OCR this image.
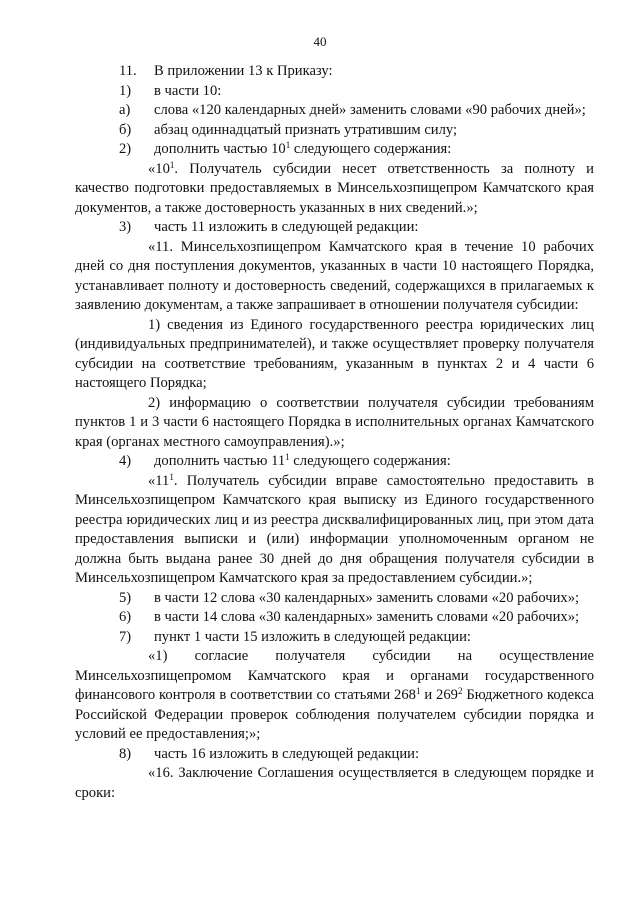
40
11.	В приложении 13 к Приказу:
1)	в части 10:
а)	слова «120 календарных дней» заменить словами «90 рабочих дней»;
б)	абзац одиннадцатый признать утратившим силу;
2)	дополнить частью $10^1$ следующего содержания:

«$10^1$. Получатель субсидии несет ответственность за полноту и качество подготовки предоставляемых в Минсельхозпищепром Камчатского края документов, а также достоверность указанных в них сведений.»;

3)	часть 11 изложить в следующей редакции:

«11. Минсельхозпищепром Камчатского края в течение 10 рабочих дней со дня поступления документов, указанных в части 10 настоящего Порядка, устанавливает полноту и достоверность сведений, содержащихся в прилагаемых к заявлению документам, а также запрашивает в отношении получателя субсидии:

1) сведения из Единого государственного реестра юридических лиц (индивидуальных предпринимателей), и также осуществляет проверку получателя субсидии на соответствие требованиям, указанным в пунктах 2 и 4 части 6 настоящего Порядка;

2) информацию о соответствии получателя субсидии требованиям пунктов 1 и 3 части 6 настоящего Порядка в исполнительных органах Камчатского края (органах местного самоуправления).»;

4)	дополнить частью $11^1$ следующего содержания:

«$11^1$. Получатель субсидии вправе самостоятельно предоставить в Минсельхозпищепром Камчатского края выписку из Единого государственного реестра юридических лиц и из реестра дисквалифицированных лиц, при этом дата предоставления выписки и (или) информации уполномоченным органом не должна быть выдана ранее 30 дней до дня обращения получателя субсидии в Минсельхозпищепром Камчатского края за предоставлением субсидии.»;

5)	в части 12 слова «30 календарных» заменить словами «20 рабочих»;
6)	в части 14 слова «30 календарных» заменить словами «20 рабочих»;
7)	пункт 1 части 15 изложить в следующей редакции:

«1) согласие получателя субсидии на осуществление Минсельхозпищепромом Камчатского края и органами государственного финансового контроля в соответствии со статьями $268^1$ и $269^2$ Бюджетного кодекса Российской Федерации проверок соблюдения получателем субсидии порядка и условий ее предоставления;»;

8)	часть 16 изложить в следующей редакции:

«16. Заключение Соглашения осуществляется в следующем порядке и сроки:
